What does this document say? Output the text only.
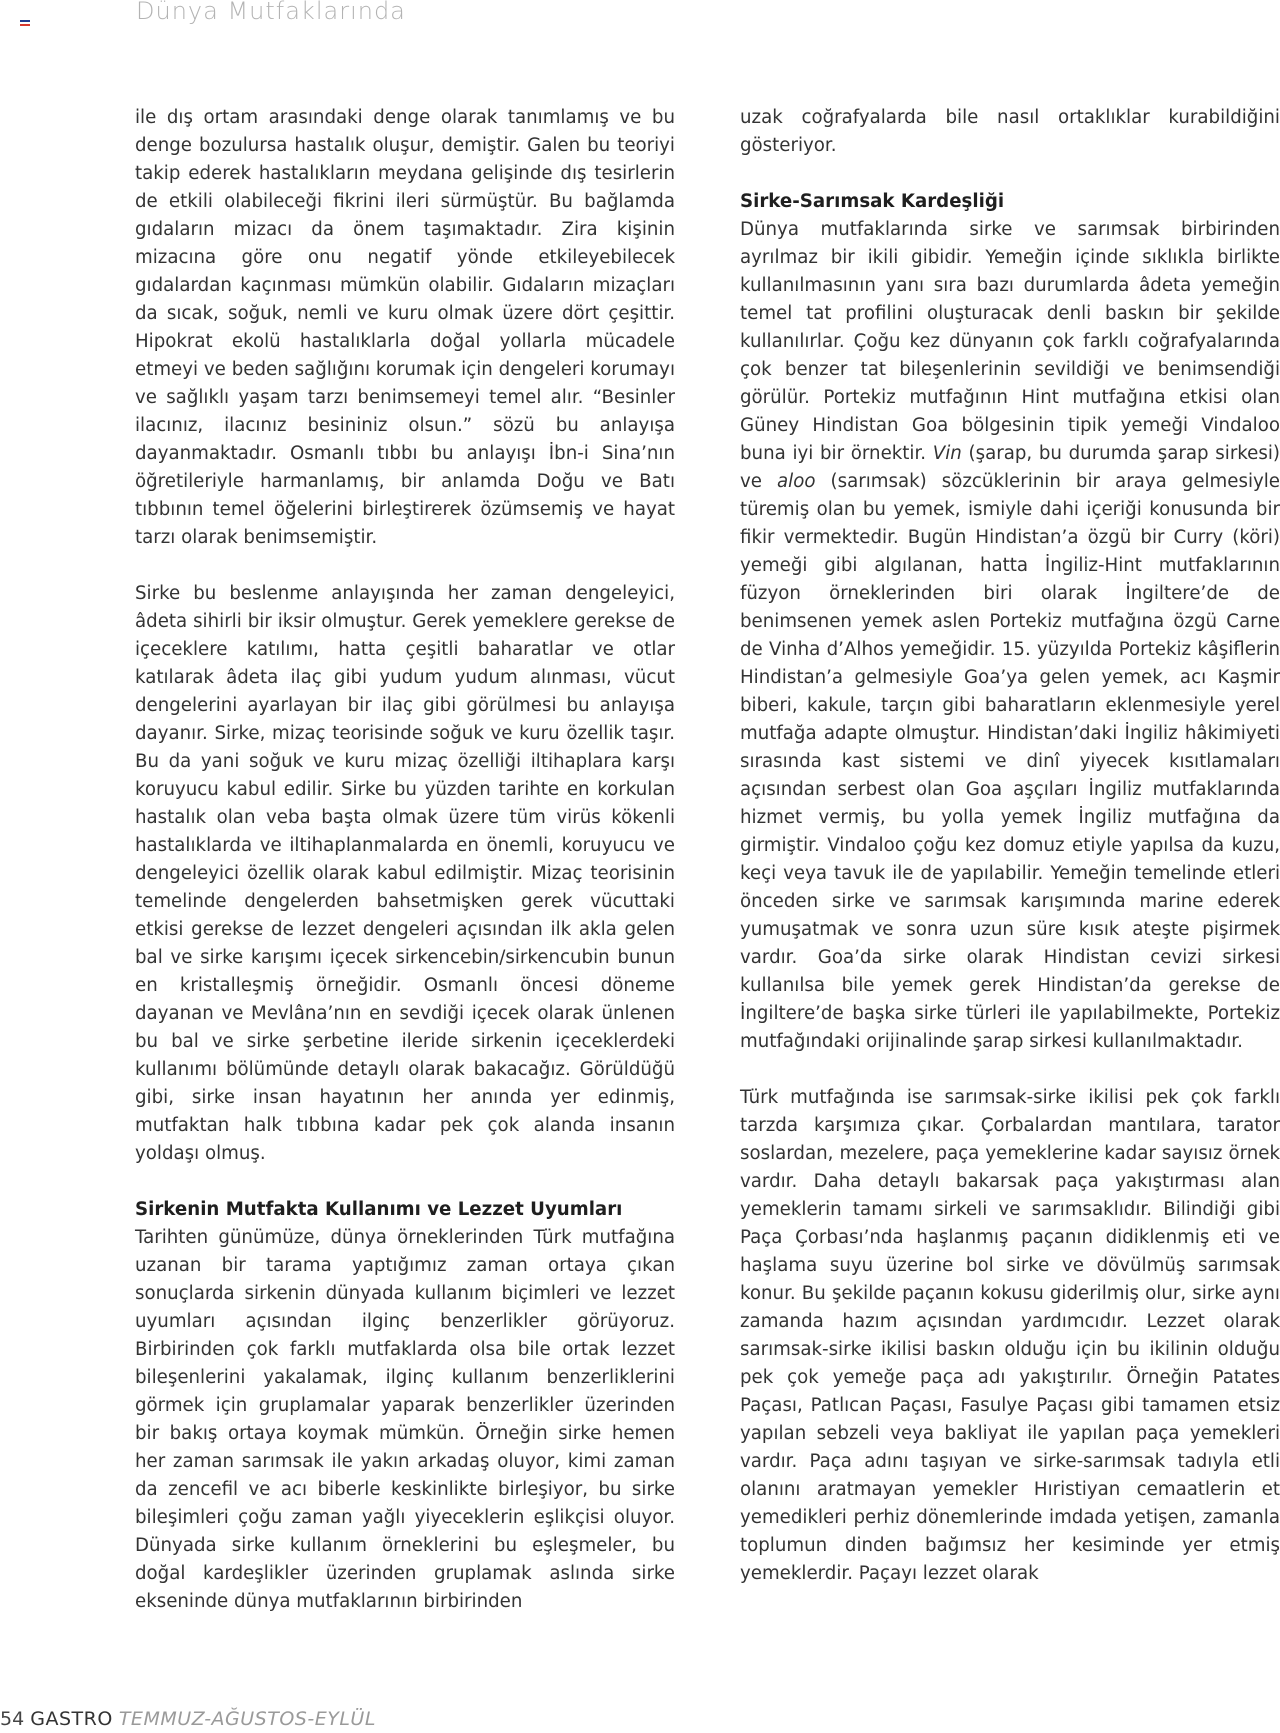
Dünya Mutfaklarında

ile dış ortam arasındaki denge olarak tanımlamış ve bu denge bozulursa hastalık oluşur, demiştir. Galen bu teoriyi takip ederek hastalıkların meydana gelişinde dış tesirlerin de etkili olabileceği fikrini ileri sürmüştür. Bu bağlamda gıdaların mizacı da önem taşımaktadır. Zira kişinin mizacına göre onu negatif yönde etkileyebilecek gıdalardan kaçınması mümkün olabilir. Gıdaların mizaçları da sıcak, soğuk, nemli ve kuru olmak üzere dört çeşittir. Hipokrat ekolü hastalıklarla doğal yollarla mücadele etmeyi ve beden sağlığını korumak için dengeleri korumayı ve sağlıklı yaşam tarzı benimsemeyi temel alır. “Besinler ilacınız, ilacınız besininiz olsun.” sözü bu anlayışa dayanmaktadır. Osmanlı tıbbı bu anlayışı İbn-i Sina’nın öğretileriyle harmanlamış, bir anlamda Doğu ve Batı tıbbının temel öğelerini birleştirerek özümsemiş ve hayat tarzı olarak benimsemiştir.

Sirke bu beslenme anlayışında her zaman dengeleyici, âdeta sihirli bir iksir olmuştur. Gerek yemeklere gerekse de içeceklere katılımı, hatta çeşitli baharatlar ve otlar katılarak âdeta ilaç gibi yudum yudum alınması, vücut dengelerini ayarlayan bir ilaç gibi görülmesi bu anlayışa dayanır. Sirke, mizaç teorisinde soğuk ve kuru özellik taşır. Bu da yani soğuk ve kuru mizaç özelliği iltihaplara karşı koruyucu kabul edilir. Sirke bu yüzden tarihte en korkulan hastalık olan veba başta olmak üzere tüm virüs kökenli hastalıklarda ve iltihaplanmalarda en önemli, koruyucu ve dengeleyici özellik olarak kabul edilmiştir. Mizaç teorisinin temelinde dengelerden bahsetmişken gerek vücuttaki etkisi gerekse de lezzet dengeleri açısından ilk akla gelen bal ve sirke karışımı içecek sirkencebin/sirkencubin bunun en kristalleşmiş örneğidir. Osmanlı öncesi döneme dayanan ve Mevlâna’nın en sevdiği içecek olarak ünlenen bu bal ve sirke şerbetine ileride sirkenin içeceklerdeki kullanımı bölümünde detaylı olarak bakacağız. Görüldüğü gibi, sirke insan hayatının her anında yer edinmiş, mutfaktan halk tıbbına kadar pek çok alanda insanın yoldaşı olmuş.

Sirkenin Mutfakta Kullanımı ve Lezzet Uyumları

Tarihten günümüze, dünya örneklerinden Türk mutfağına uzanan bir tarama yaptığımız zaman ortaya çıkan sonuçlarda sirkenin dünyada kullanım biçimleri ve lezzet uyumları açısından ilginç benzerlikler görüyoruz. Birbirinden çok farklı mutfaklarda olsa bile ortak lezzet bileşenlerini yakalamak, ilginç kullanım benzerliklerini görmek için gruplamalar yaparak benzerlikler üzerinden bir bakış ortaya koymak mümkün. Örneğin sirke hemen her zaman sarımsak ile yakın arkadaş oluyor, kimi zaman da zencefil ve acı biberle keskinlikte birleşiyor, bu sirke bileşimleri çoğu zaman yağlı yiyeceklerin eşlikçisi oluyor. Dünyada sirke kullanım örneklerini bu eşleşmeler, bu doğal kardeşlikler üzerinden gruplamak aslında sirke ekseninde dünya mutfaklarının birbirinden

uzak coğrafyalarda bile nasıl ortaklıklar kurabildiğini gösteriyor.

Sirke-Sarımsak Kardeşliği

Dünya mutfaklarında sirke ve sarımsak birbirinden ayrılmaz bir ikili gibidir. Yemeğin içinde sıklıkla birlikte kullanılmasının yanı sıra bazı durumlarda âdeta yemeğin temel tat profilini oluşturacak denli baskın bir şekilde kullanılırlar. Çoğu kez dünyanın çok farklı coğrafyalarında çok benzer tat bileşenlerinin sevildiği ve benimsendiği görülür. Portekiz mutfağının Hint mutfağına etkisi olan Güney Hindistan Goa bölgesinin tipik yemeği Vindaloo buna iyi bir örnektir. Vin (şarap, bu durumda şarap sirkesi) ve aloo (sarımsak) sözcüklerinin bir araya gelmesiyle türemiş olan bu yemek, ismiyle dahi içeriği konusunda bir fikir vermektedir. Bugün Hindistan’a özgü bir Curry (köri) yemeği gibi algılanan, hatta İngiliz-Hint mutfaklarının füzyon örneklerinden biri olarak İngiltere’de de benimsenen yemek aslen Portekiz mutfağına özgü Carne de Vinha d’Alhos yemeğidir. 15. yüzyılda Portekiz kâşiflerin Hindistan’a gelmesiyle Goa’ya gelen yemek, acı Kaşmir biberi, kakule, tarçın gibi baharatların eklenmesiyle yerel mutfağa adapte olmuştur. Hindistan’daki İngiliz hâkimiyeti sırasında kast sistemi ve dinî yiyecek kısıtlamaları açısından serbest olan Goa aşçıları İngiliz mutfaklarında hizmet vermiş, bu yolla yemek İngiliz mutfağına da girmiştir. Vindaloo çoğu kez domuz etiyle yapılsa da kuzu, keçi veya tavuk ile de yapılabilir. Yemeğin temelinde etleri önceden sirke ve sarımsak karışımında marine ederek yumuşatmak ve sonra uzun süre kısık ateşte pişirmek vardır. Goa’da sirke olarak Hindistan cevizi sirkesi kullanılsa bile yemek gerek Hindistan’da gerekse de İngiltere’de başka sirke türleri ile yapılabilmekte, Portekiz mutfağındaki orijinalinde şarap sirkesi kullanılmaktadır.

Türk mutfağında ise sarımsak-sirke ikilisi pek çok farklı tarzda karşımıza çıkar. Çorbalardan mantılara, tarator soslardan, mezelere, paça yemeklerine kadar sayısız örnek vardır. Daha detaylı bakarsak paça yakıştırması alan yemeklerin tamamı sirkeli ve sarımsaklıdır. Bilindiği gibi Paça Çorbası’nda haşlanmış paçanın didiklenmiş eti ve haşlama suyu üzerine bol sirke ve dövülmüş sarımsak konur. Bu şekilde paçanın kokusu giderilmiş olur, sirke aynı zamanda hazım açısından yardımcıdır. Lezzet olarak sarımsak-sirke ikilisi baskın olduğu için bu ikilinin olduğu pek çok yemeğe paça adı yakıştırılır. Örneğin Patates Paçası, Patlıcan Paçası, Fasulye Paçası gibi tamamen etsiz yapılan sebzeli veya bakliyat ile yapılan paça yemekleri vardır. Paça adını taşıyan ve sirke-sarımsak tadıyla etli olanını aratmayan yemekler Hıristiyan cemaatlerin et yemedikleri perhiz dönemlerinde imdada yetişen, zamanla toplumun dinden bağımsız her kesiminde yer etmiş yemeklerdir. Paçayı lezzet olarak

54 GASTRO TEMMUZ-AĞUSTOS-EYLÜL
